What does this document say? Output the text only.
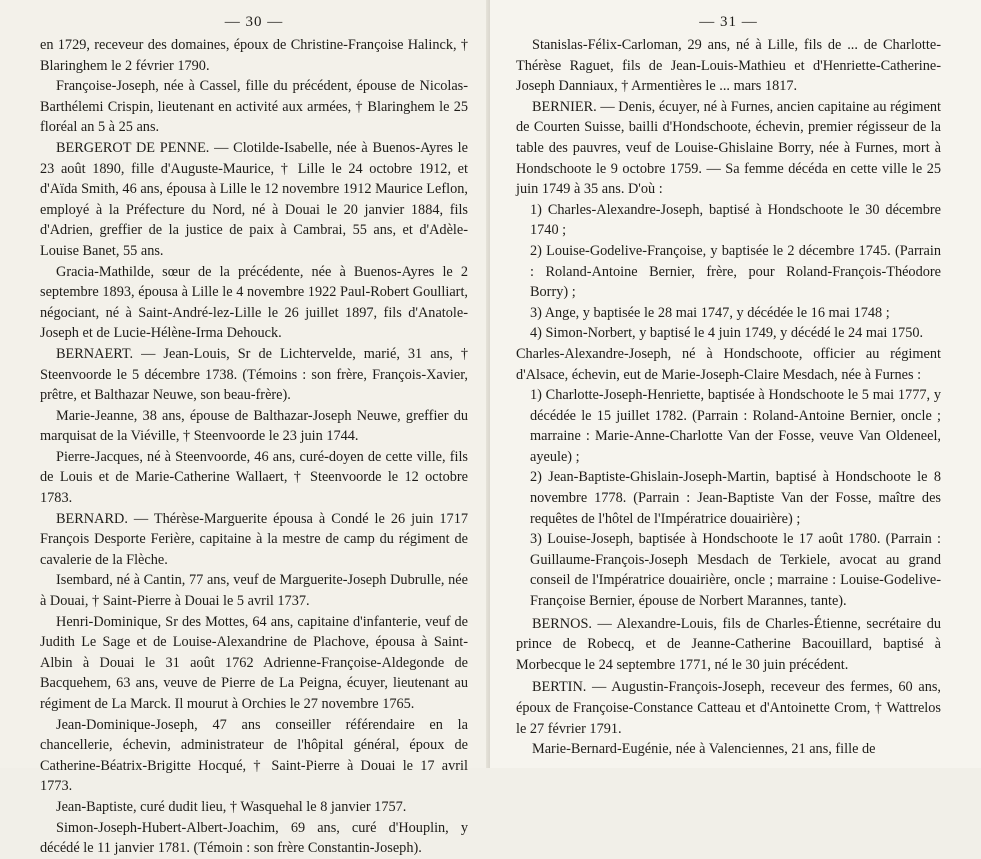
— 30 —

en 1729, receveur des domaines, époux de Christine-Françoise Halinck, † Blaringhem le 2 février 1790.

Françoise-Joseph, née à Cassel, fille du précédent, épouse de Nicolas-Barthélemi Crispin, lieutenant en activité aux armées, † Blaringhem le 25 floréal an 5 à 25 ans.

BERGEROT DE PENNE. — Clotilde-Isabelle, née à Buenos-Ayres le 23 août 1890, fille d'Auguste-Maurice, † Lille le 24 octobre 1912, et d'Aïda Smith, 46 ans, épousa à Lille le 12 novembre 1912 Maurice Leflon, employé à la Préfecture du Nord, né à Douai le 20 janvier 1884, fils d'Adrien, greffier de la justice de paix à Cambrai, 55 ans, et d'Adèle-Louise Banet, 55 ans.

Gracia-Mathilde, sœur de la précédente, née à Buenos-Ayres le 2 septembre 1893, épousa à Lille le 4 novembre 1922 Paul-Robert Goulliart, négociant, né à Saint-André-lez-Lille le 26 juillet 1897, fils d'Anatole-Joseph et de Lucie-Hélène-Irma Dehouck.

BERNAERT. — Jean-Louis, Sr de Lichtervelde, marié, 31 ans, † Steenvoorde le 5 décembre 1738. (Témoins : son frère, François-Xavier, prêtre, et Balthazar Neuwe, son beau-frère).

Marie-Jeanne, 38 ans, épouse de Balthazar-Joseph Neuwe, greffier du marquisat de la Viéville, † Steenvoorde le 23 juin 1744.

Pierre-Jacques, né à Steenvoorde, 46 ans, curé-doyen de cette ville, fils de Louis et de Marie-Catherine Wallaert, † Steenvoorde le 12 octobre 1783.

BERNARD. — Thérèse-Marguerite épousa à Condé le 26 juin 1717 François Desporte Ferière, capitaine à la mestre de camp du régiment de cavalerie de la Flèche.

Isembard, né à Cantin, 77 ans, veuf de Marguerite-Joseph Dubrulle, née à Douai, † Saint-Pierre à Douai le 5 avril 1737.

Henri-Dominique, Sr des Mottes, 64 ans, capitaine d'infanterie, veuf de Judith Le Sage et de Louise-Alexandrine de Plachove, épousa à Saint-Albin à Douai le 31 août 1762 Adrienne-Françoise-Aldegonde de Bacquehem, 63 ans, veuve de Pierre de La Peigna, écuyer, lieutenant au régiment de La Marck. Il mourut à Orchies le 27 novembre 1765.

Jean-Dominique-Joseph, 47 ans conseiller référendaire en la chancellerie, échevin, administrateur de l'hôpital général, époux de Catherine-Béatrix-Brigitte Hocqué, † Saint-Pierre à Douai le 17 avril 1773.

Jean-Baptiste, curé dudit lieu, † Wasquehal le 8 janvier 1757.

Simon-Joseph-Hubert-Albert-Joachim, 69 ans, curé d'Houplin, y décédé le 11 janvier 1781. (Témoin : son frère Constantin-Joseph).

— 31 —

Stanislas-Félix-Carloman, 29 ans, né à Lille, fils de ... de Charlotte-Thérèse Raguet, fils de Jean-Louis-Mathieu et d'Henriette-Catherine-Joseph Danniaux, † Armentières le ... mars 1817.

BERNIER. — Denis, écuyer, né à Furnes, ancien capitaine au régiment de Courten Suisse, bailli d'Hondschoote, échevin, premier régisseur de la table des pauvres, veuf de Louise-Ghislaine Borry, née à Furnes, mort à Hondschoote le 9 octobre 1759. — Sa femme décéda en cette ville le 25 juin 1749 à 35 ans. D'où :

1) Charles-Alexandre-Joseph, baptisé à Hondschoote le 30 décembre 1740 ;

2) Louise-Godelive-Françoise, y baptisée le 2 décembre 1745. (Parrain : Roland-Antoine Bernier, frère, pour Roland-François-Théodore Borry) ;

3) Ange, y baptisée le 28 mai 1747, y décédée le 16 mai 1748 ;

4) Simon-Norbert, y baptisé le 4 juin 1749, y décédé le 24 mai 1750.

Charles-Alexandre-Joseph, né à Hondschoote, officier au régiment d'Alsace, échevin, eut de Marie-Joseph-Claire Mesdach, née à Furnes :

1) Charlotte-Joseph-Henriette, baptisée à Hondschoote le 5 mai 1777, y décédée le 15 juillet 1782. (Parrain : Roland-Antoine Bernier, oncle ; marraine : Marie-Anne-Charlotte Van der Fosse, veuve Van Oldeneel, ayeule) ;

2) Jean-Baptiste-Ghislain-Joseph-Martin, baptisé à Hondschoote le 8 novembre 1778. (Parrain : Jean-Baptiste Van der Fosse, maître des requêtes de l'hôtel de l'Impératrice douairière) ;

3) Louise-Joseph, baptisée à Hondschoote le 17 août 1780. (Parrain : Guillaume-François-Joseph Mesdach de Terkiele, avocat au grand conseil de l'Impératrice douairière, oncle ; marraine : Louise-Godelive-Françoise Bernier, épouse de Norbert Marannes, tante).

BERNOS. — Alexandre-Louis, fils de Charles-Étienne, secrétaire du prince de Robecq, et de Jeanne-Catherine Bacouillard, baptisé à Morbecque le 24 septembre 1771, né le 30 juin précédent.

BERTIN. — Augustin-François-Joseph, receveur des fermes, 60 ans, époux de Françoise-Constance Catteau et d'Antoinette Crom, † Wattrelos le 27 février 1791.

Marie-Bernard-Eugénie, née à Valenciennes, 21 ans, fille de
